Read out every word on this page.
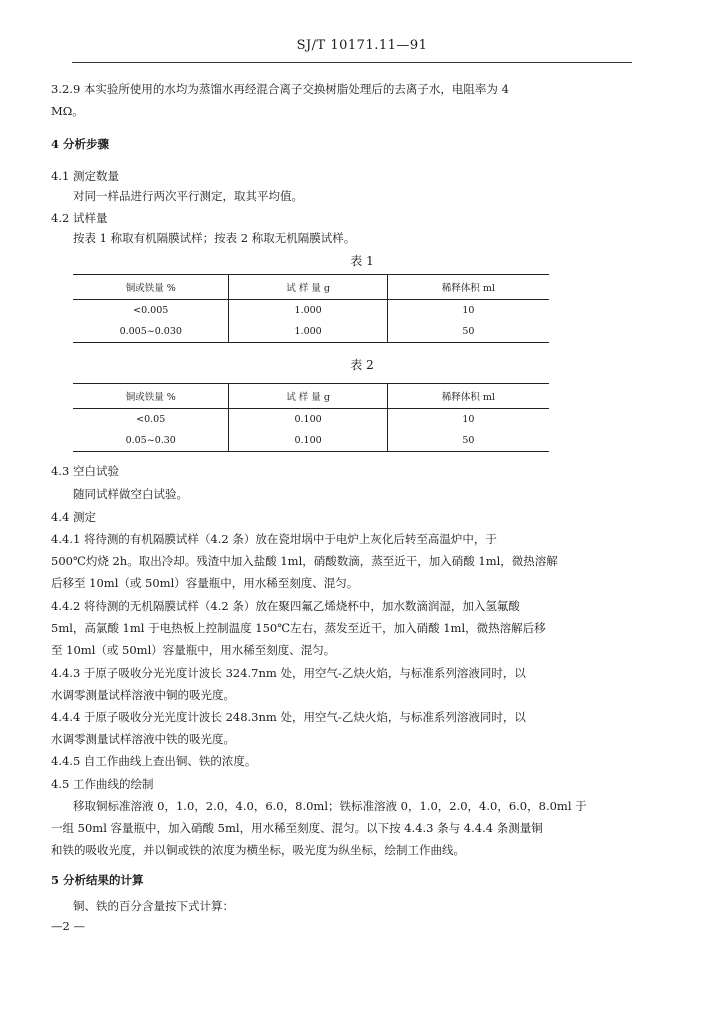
SJ/T 10171.11—91
3.2.9 本实验所使用的水均为蒸馏水再经混合离子交换树脂处理后的去离子水，电阻率为 4
MΩ。
4 分析步骤
4.1 测定数量
对同一样品进行两次平行测定，取其平均值。
4.2 试样量
按表 1 称取有机隔膜试样；按表 2 称取无机隔膜试样。
表 1
铜或铁量 %	试 样 量 g	稀释体积 ml
<0.005	1.000	10
0.005~0.030	1.000	50
表 2
铜或铁量 %	试 样 量 g	稀释体积 ml
<0.05	0.100	10
0.05~0.30	0.100	50
4.3 空白试验
随同试样做空白试验。
4.4 测定
4.4.1 将待测的有机隔膜试样（4.2 条）放在瓷坩埚中于电炉上灰化后转至高温炉中，于
500℃灼烧 2h。取出冷却。残渣中加入盐酸 1ml，硝酸数滴，蒸至近干，加入硝酸 1ml，微热溶解
后移至 10ml（或 50ml）容量瓶中，用水稀至刻度、混匀。
4.4.2 将待测的无机隔膜试样（4.2 条）放在聚四氟乙烯烧杯中，加水数滴润湿，加入氢氟酸
5ml，高氯酸 1ml 于电热板上控制温度 150℃左右，蒸发至近干，加入硝酸 1ml，微热溶解后移
至 10ml（或 50ml）容量瓶中，用水稀至刻度、混匀。
4.4.3 于原子吸收分光光度计波长 324.7nm 处，用空气-乙炔火焰，与标准系列溶液同时，以
水调零测量试样溶液中铜的吸光度。
4.4.4 于原子吸收分光光度计波长 248.3nm 处，用空气-乙炔火焰，与标准系列溶液同时，以
水调零测量试样溶液中铁的吸光度。
4.4.5 自工作曲线上查出铜、铁的浓度。
4.5 工作曲线的绘制
移取铜标准溶液 0，1.0，2.0，4.0，6.0，8.0ml；铁标准溶液 0，1.0，2.0，4.0，6.0，8.0ml 于
一组 50ml 容量瓶中，加入硝酸 5ml，用水稀至刻度、混匀。以下按 4.4.3 条与 4.4.4 条测量铜
和铁的吸收光度，并以铜或铁的浓度为横坐标，吸光度为纵坐标，绘制工作曲线。
5 分析结果的计算
铜、铁的百分含量按下式计算：
—2 —
